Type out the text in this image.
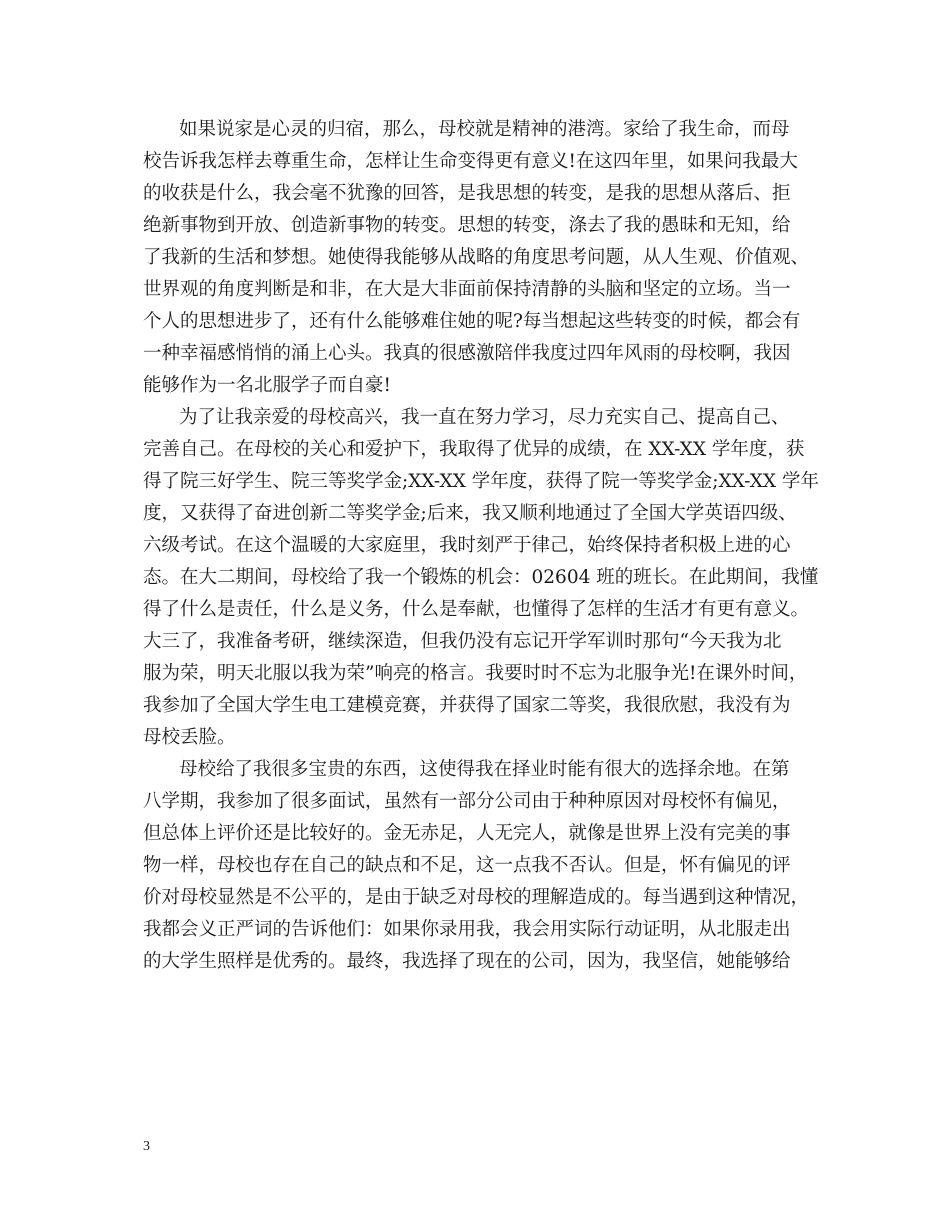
如果说家是心灵的归宿，那么，母校就是精神的港湾。家给了我生命，而母
校告诉我怎样去尊重生命，怎样让生命变得更有意义!在这四年里，如果问我最大
的收获是什么，我会毫不犹豫的回答，是我思想的转变，是我的思想从落后、拒
绝新事物到开放、创造新事物的转变。思想的转变，涤去了我的愚昧和无知，给
了我新的生活和梦想。她使得我能够从战略的角度思考问题，从人生观、价值观、
世界观的角度判断是和非，在大是大非面前保持清静的头脑和坚定的立场。当一
个人的思想进步了，还有什么能够难住她的呢?每当想起这些转变的时候，都会有
一种幸福感悄悄的涌上心头。我真的很感激陪伴我度过四年风雨的母校啊，我因
能够作为一名北服学子而自豪!
为了让我亲爱的母校高兴，我一直在努力学习，尽力充实自己、提高自己、
完善自己。在母校的关心和爱护下，我取得了优异的成绩，在 XX-XX 学年度，获
得了院三好学生、院三等奖学金;XX-XX 学年度，获得了院一等奖学金;XX-XX 学年
度，又获得了奋进创新二等奖学金;后来，我又顺利地通过了全国大学英语四级、
六级考试。在这个温暖的大家庭里，我时刻严于律己，始终保持者积极上进的心
态。在大二期间，母校给了我一个锻炼的机会：02604 班的班长。在此期间，我懂
得了什么是责任，什么是义务，什么是奉献，也懂得了怎样的生活才有更有意义。
大三了，我准备考研，继续深造，但我仍没有忘记开学军训时那句“今天我为北
服为荣，明天北服以我为荣”响亮的格言。我要时时不忘为北服争光!在课外时间，
我参加了全国大学生电工建模竞赛，并获得了国家二等奖，我很欣慰，我没有为
母校丢脸。
母校给了我很多宝贵的东西，这使得我在择业时能有很大的选择余地。在第
八学期，我参加了很多面试，虽然有一部分公司由于种种原因对母校怀有偏见，
但总体上评价还是比较好的。金无赤足，人无完人，就像是世界上没有完美的事
物一样，母校也存在自己的缺点和不足，这一点我不否认。但是，怀有偏见的评
价对母校显然是不公平的，是由于缺乏对母校的理解造成的。每当遇到这种情况，
我都会义正严词的告诉他们：如果你录用我，我会用实际行动证明，从北服走出
的大学生照样是优秀的。最终，我选择了现在的公司，因为，我坚信，她能够给
3
